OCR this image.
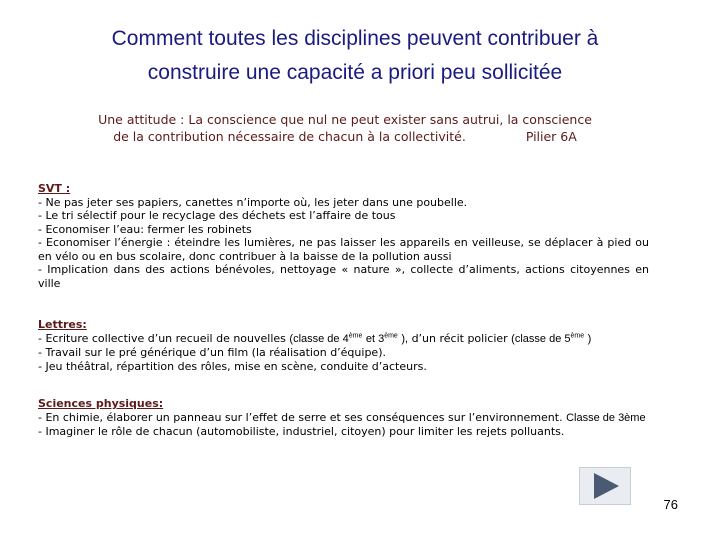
Comment toutes les disciplines peuvent contribuer à
construire une capacité a priori peu sollicitée
Une attitude : La conscience que nul ne peut exister sans autrui, la conscience
de la contribution nécessaire de chacun à la collectivité.	Pilier 6A

SVT :

- Ne pas jeter ses papiers, canettes n’importe où, les jeter dans une poubelle.

- Le tri sélectif pour le recyclage des déchets est l’affaire de tous

- Economiser l’eau: fermer les robinets

- Economiser l’énergie : éteindre les lumières, ne pas laisser les appareils en veilleuse, se déplacer à pied ou en vélo ou en bus scolaire, donc contribuer à la baisse de la pollution aussi

- Implication dans des actions bénévoles, nettoyage « nature », collecte d’aliments, actions citoyennes en ville

Lettres:

- Ecriture collective d’un recueil de nouvelles (classe de 4ème et 3ème ), d’un récit policier (classe de 5ème )

- Travail sur le pré générique d’un film (la réalisation d’équipe).

- Jeu théâtral, répartition des rôles, mise en scène, conduite d’acteurs.

Sciences physiques:

- En chimie, élaborer un panneau sur l’effet de serre et ses conséquences sur l’environnement. Classe de 3ème

- Imaginer le rôle de chacun (automobiliste, industriel, citoyen) pour limiter les rejets polluants.

76
